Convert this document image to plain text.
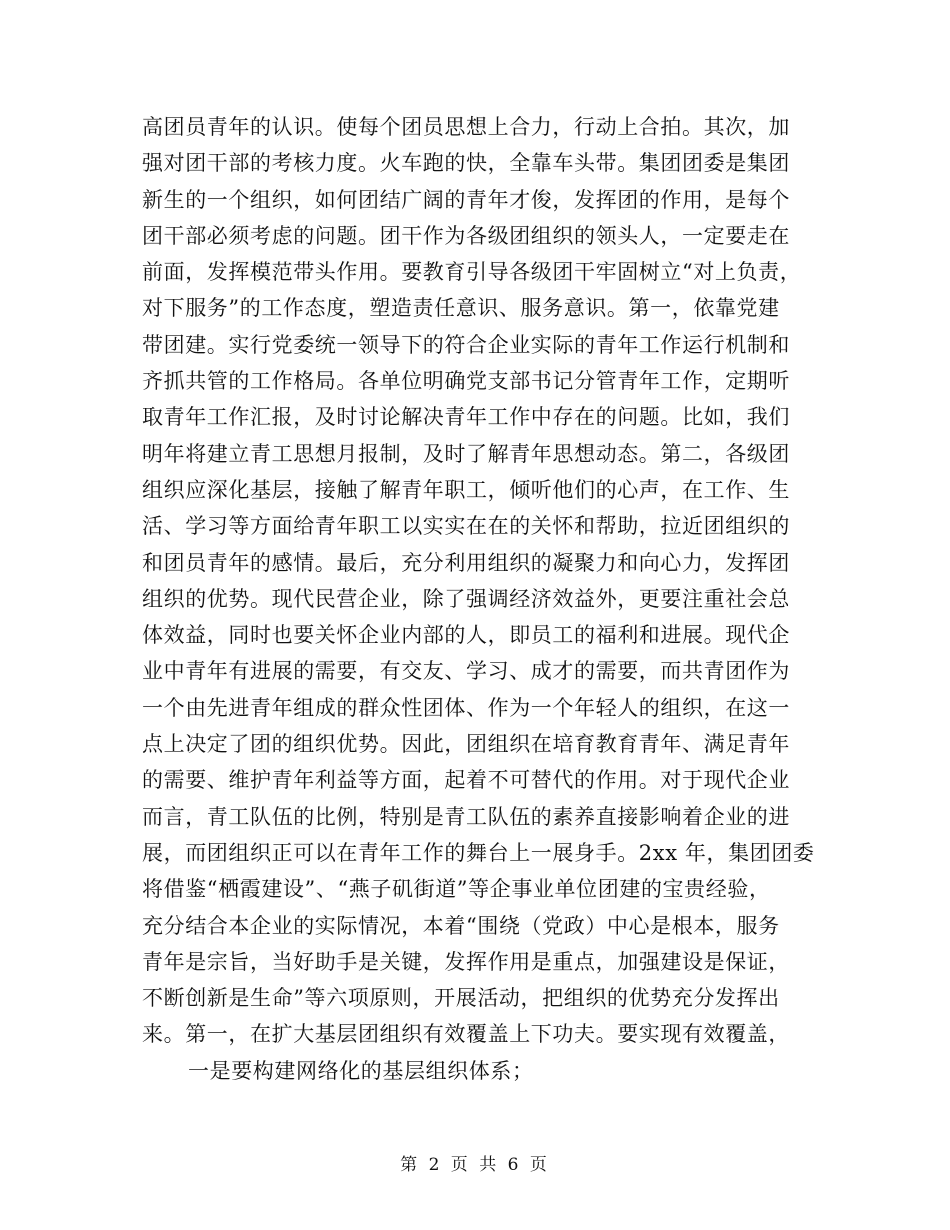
高团员青年的认识。使每个团员思想上合力，行动上合拍。其次，加
强对团干部的考核力度。火车跑的快，全靠车头带。集团团委是集团
新生的一个组织，如何团结广阔的青年才俊，发挥团的作用，是每个
团干部必须考虑的问题。团干作为各级团组织的领头人，一定要走在
前面，发挥模范带头作用。要教育引导各级团干牢固树立“对上负责，
对下服务”的工作态度，塑造责任意识、服务意识。第一，依靠党建
带团建。实行党委统一领导下的符合企业实际的青年工作运行机制和
齐抓共管的工作格局。各单位明确党支部书记分管青年工作，定期听
取青年工作汇报，及时讨论解决青年工作中存在的问题。比如，我们
明年将建立青工思想月报制，及时了解青年思想动态。第二，各级团
组织应深化基层，接触了解青年职工，倾听他们的心声，在工作、生
活、学习等方面给青年职工以实实在在的关怀和帮助，拉近团组织的
和团员青年的感情。最后，充分利用组织的凝聚力和向心力，发挥团
组织的优势。现代民营企业，除了强调经济效益外，更要注重社会总
体效益，同时也要关怀企业内部的人，即员工的福利和进展。现代企
业中青年有进展的需要，有交友、学习、成才的需要，而共青团作为
一个由先进青年组成的群众性团体、作为一个年轻人的组织，在这一
点上决定了团的组织优势。因此，团组织在培育教育青年、满足青年
的需要、维护青年利益等方面，起着不可替代的作用。对于现代企业
而言，青工队伍的比例，特别是青工队伍的素养直接影响着企业的进
展，而团组织正可以在青年工作的舞台上一展身手。2xx 年，集团团委
将借鉴“栖霞建设”、“燕子矶街道”等企事业单位团建的宝贵经验，
充分结合本企业的实际情况，本着“围绕（党政）中心是根本，服务
青年是宗旨，当好助手是关键，发挥作用是重点，加强建设是保证，
不断创新是生命”等六项原则，开展活动，把组织的优势充分发挥出
来。第一，在扩大基层团组织有效覆盖上下功夫。要实现有效覆盖，
一是要构建网络化的基层组织体系；
第 2 页 共 6 页
